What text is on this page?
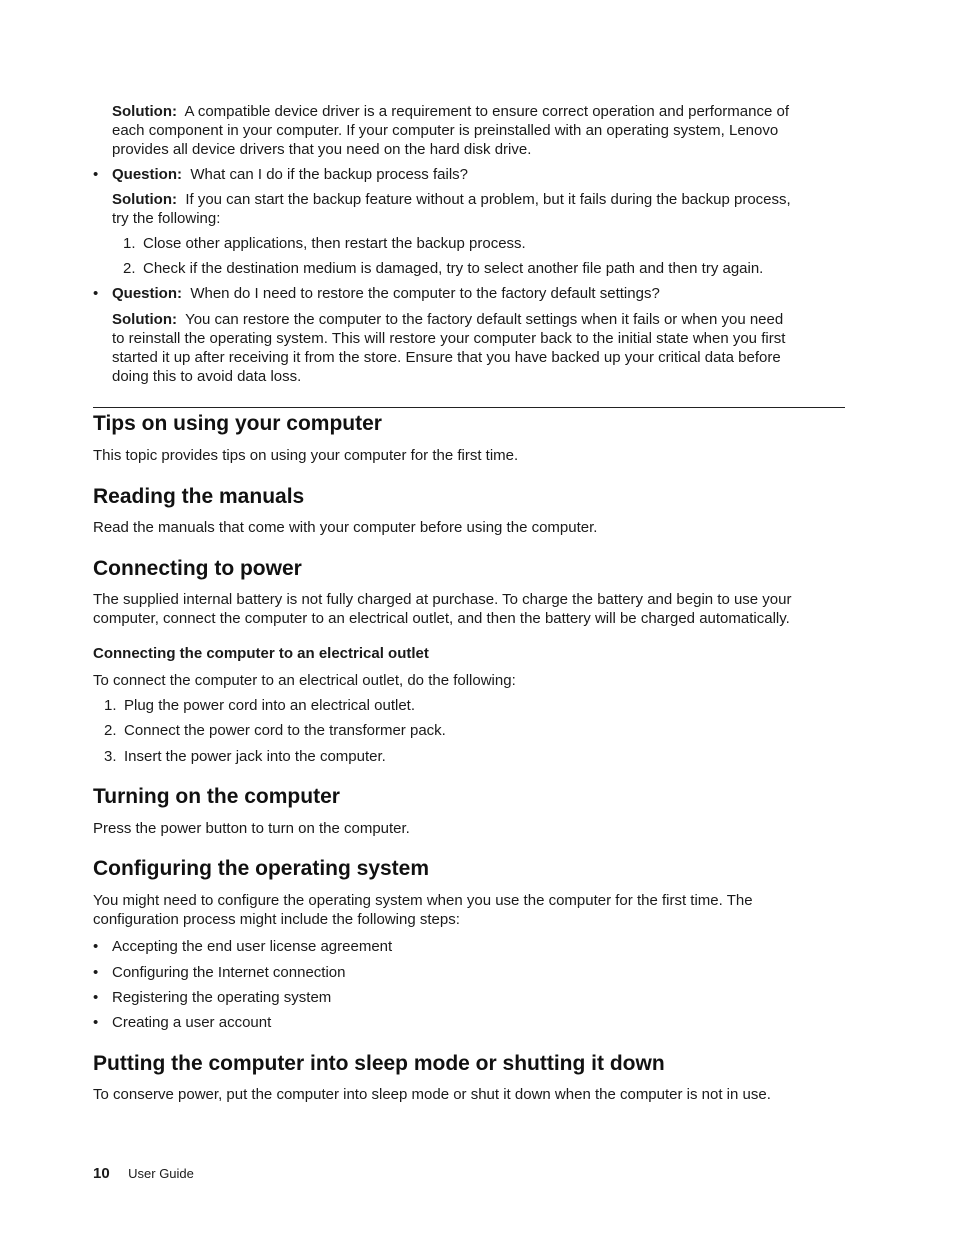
Solution: A compatible device driver is a requirement to ensure correct operation and performance of

each component in your computer. If your computer is preinstalled with an operating system, Lenovo

provides all device drivers that you need on the hard disk drive.

• Question: What can I do if the backup process fails?

Solution: If you can start the backup feature without a problem, but it fails during the backup process,

try the following:

1. Close other applications, then restart the backup process.

2. Check if the destination medium is damaged, try to select another file path and then try again.

• Question: When do I need to restore the computer to the factory default settings?

Solution: You can restore the computer to the factory default settings when it fails or when you need

to reinstall the operating system. This will restore your computer back to the initial state when you first

started it up after receiving it from the store. Ensure that you have backed up your critical data before

doing this to avoid data loss.

Tips on using your computer

This topic provides tips on using your computer for the first time.

Reading the manuals

Read the manuals that come with your computer before using the computer.

Connecting to power

The supplied internal battery is not fully charged at purchase. To charge the battery and begin to use your

computer, connect the computer to an electrical outlet, and then the battery will be charged automatically.

Connecting the computer to an electrical outlet

To connect the computer to an electrical outlet, do the following:

1. Plug the power cord into an electrical outlet.

2. Connect the power cord to the transformer pack.

3. Insert the power jack into the computer.

Turning on the computer

Press the power button to turn on the computer.

Configuring the operating system

You might need to configure the operating system when you use the computer for the first time. The

configuration process might include the following steps:

• Accepting the end user license agreement

• Configuring the Internet connection

• Registering the operating system

• Creating a user account

Putting the computer into sleep mode or shutting it down

To conserve power, put the computer into sleep mode or shut it down when the computer is not in use.

10 User Guide
